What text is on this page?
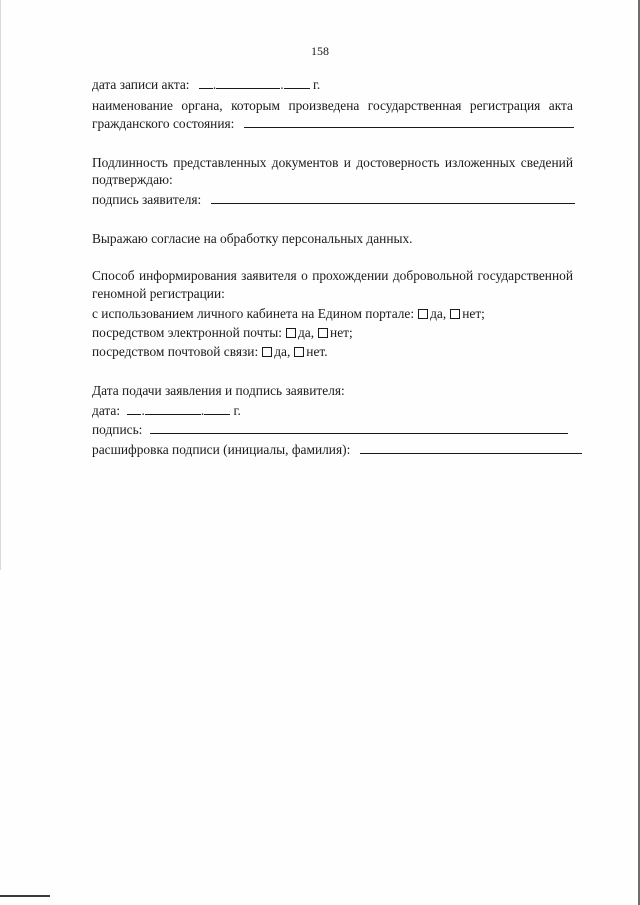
158
дата записи акта: .	. г.
наименование органа, которым произведена государственная регистрация акта
гражданского состояния:
Подлинность представленных документов и достоверность изложенных сведений
подтверждаю:
подпись заявителя:
Выражаю согласие на обработку персональных данных.
Способ информирования заявителя о прохождении добровольной государственной
геномной регистрации:
с использованием личного кабинета на Едином портале: да, нет;
посредством электронной почты: да, нет;
посредством почтовой связи: да, нет.
Дата подачи заявления и подпись заявителя:
дата: .	. г.
подпись:
расшифровка подписи (инициалы, фамилия):
